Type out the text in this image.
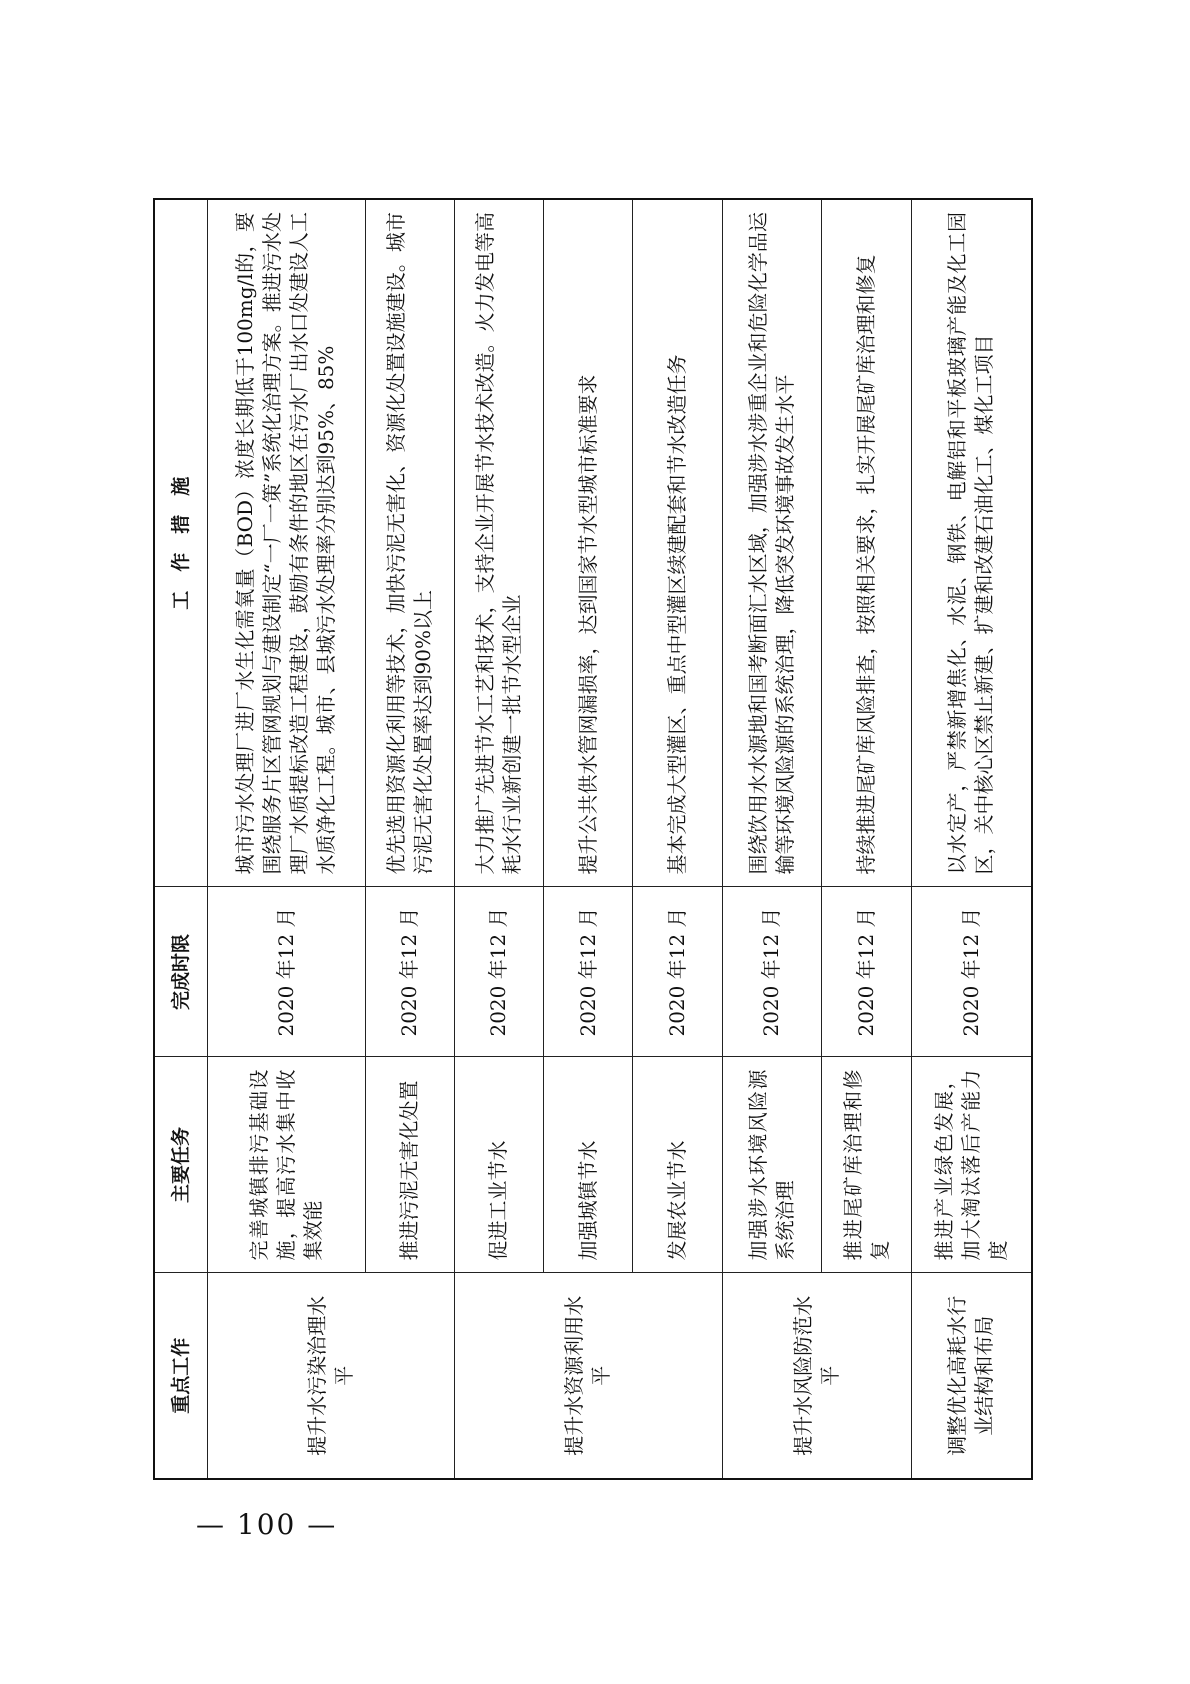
重点工作	主要任务	完成时限	工　作　措　施
提升水污染治理水平	完善城镇排污基础设施，提高污水集中收集效能	2020 年12 月	城市污水处理厂进厂水生化需氧量（BOD）浓度长期低于100mg/l的，要围绕服务片区管网规划与建设制定“一厂一策”系统化治理方案。推进污水处理厂水质提标改造工程建设，鼓励有条件的地区在污水厂出水口处建设人工水质净化工程。城市、县城污水处理率分别达到95%、85%
	推进污泥无害化处置	2020 年12 月	优先选用资源化利用等技术，加快污泥无害化、资源化处置设施建设。城市污泥无害化处置率达到90%以上
提升水资源利用水平	促进工业节水	2020 年12 月	大力推广先进节水工艺和技术，支持企业开展节水技术改造。火力发电等高耗水行业新创建一批节水型企业
	加强城镇节水	2020 年12 月	提升公共供水管网漏损率，达到国家节水型城市标准要求
	发展农业节水	2020 年12 月	基本完成大型灌区、重点中型灌区续建配套和节水改造任务
提升水风险防范水平	加强涉水环境风险源系统治理	2020 年12 月	围绕饮用水水源地和国考断面汇水区域，加强涉水涉重企业和危险化学品运输等环境风险源的系统治理，降低突发环境事故发生水平
	推进尾矿库治理和修复	2020 年12 月	持续推进尾矿库风险排查，按照相关要求，扎实开展尾矿库治理和修复
调整优化高耗水行业结构和布局	推进产业绿色发展，加大淘汰落后产能力度	2020 年12 月	以水定产，严禁新增焦化、水泥、钢铁、电解铝和平板玻璃产能及化工园区，关中核心区禁止新建、扩建和改建石油化工、煤化工项目
— 100 —
